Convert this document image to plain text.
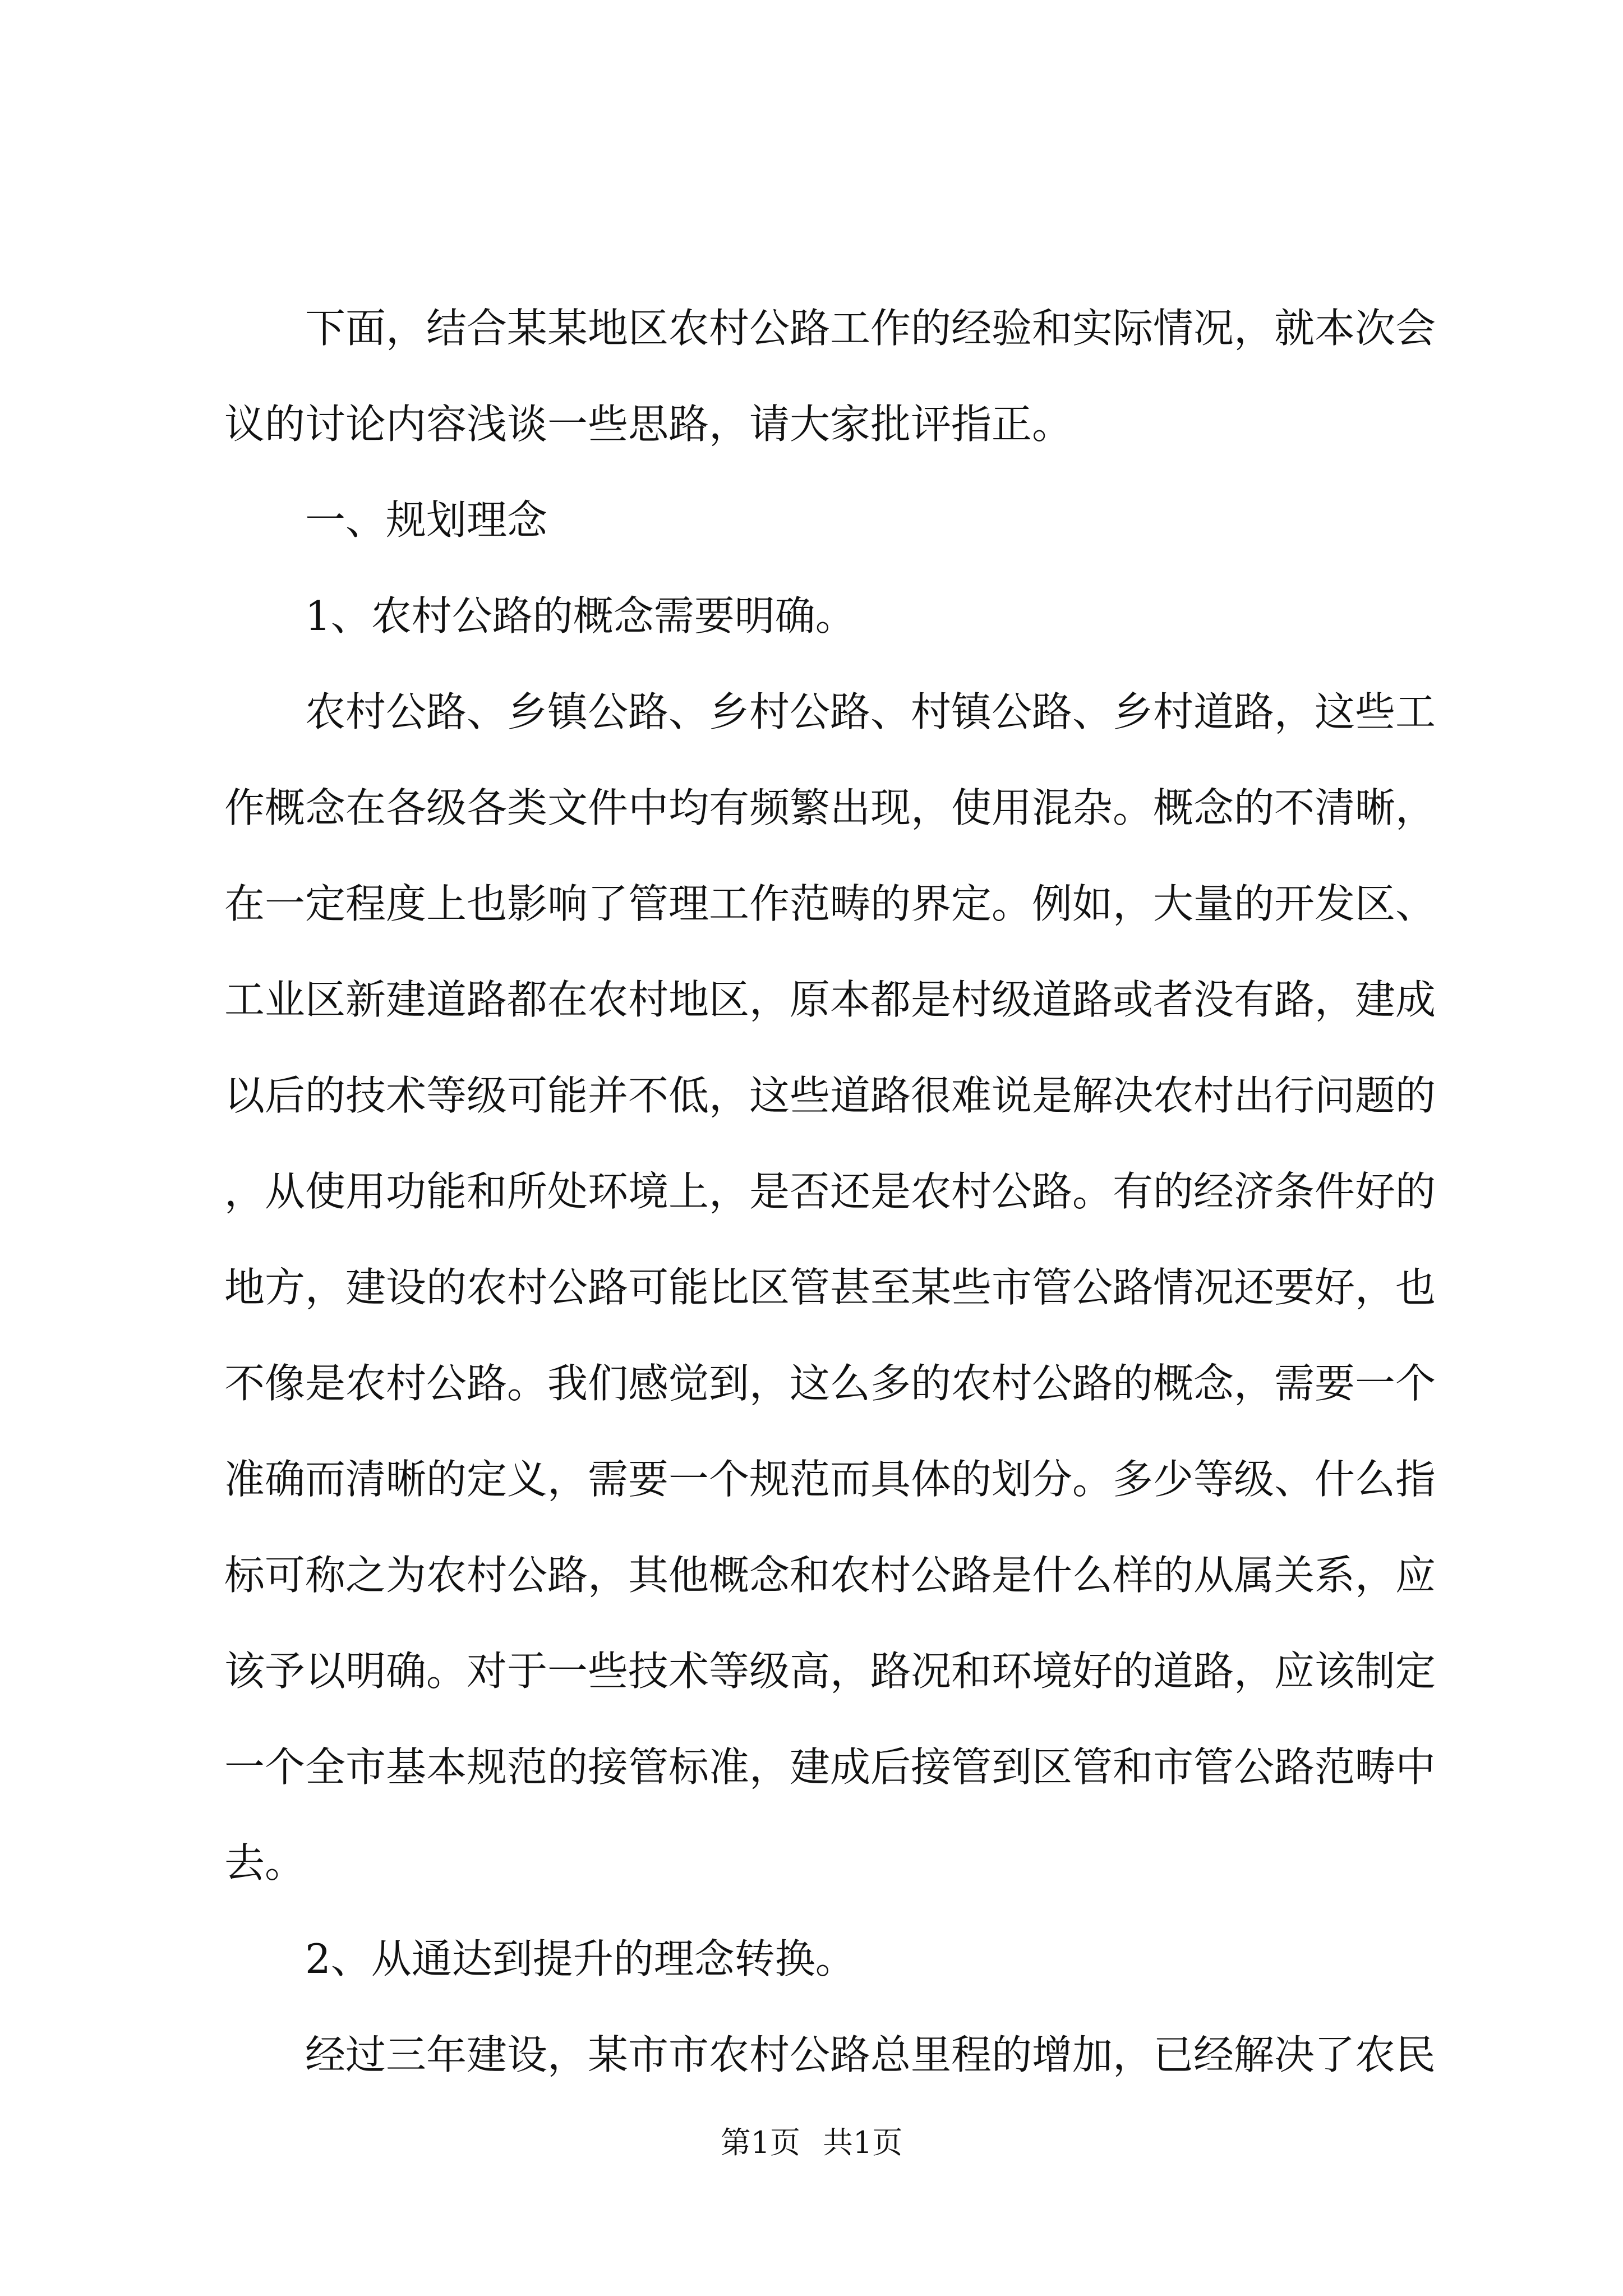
下面，结合某某地区农村公路工作的经验和实际情况，就本次会议的讨论内容浅谈一些思路，请大家批评指正。

一、规划理念

1、农村公路的概念需要明确。

农村公路、乡镇公路、乡村公路、村镇公路、乡村道路，这些工作概念在各级各类文件中均有频繁出现，使用混杂。概念的不清晰，在一定程度上也影响了管理工作范畴的界定。例如，大量的开发区、工业区新建道路都在农村地区，原本都是村级道路或者没有路，建成以后的技术等级可能并不低，这些道路很难说是解决农村出行问题的，从使用功能和所处环境上，是否还是农村公路。有的经济条件好的地方，建设的农村公路可能比区管甚至某些市管公路情况还要好，也不像是农村公路。我们感觉到，这么多的农村公路的概念，需要一个准确而清晰的定义，需要一个规范而具体的划分。多少等级、什么指标可称之为农村公路，其他概念和农村公路是什么样的从属关系，应该予以明确。对于一些技术等级高，路况和环境好的道路，应该制定一个全市基本规范的接管标准，建成后接管到区管和市管公路范畴中去。

2、从通达到提升的理念转换。

经过三年建设，某市市农村公路总里程的增加，已经解决了农民

第1页 共1页
